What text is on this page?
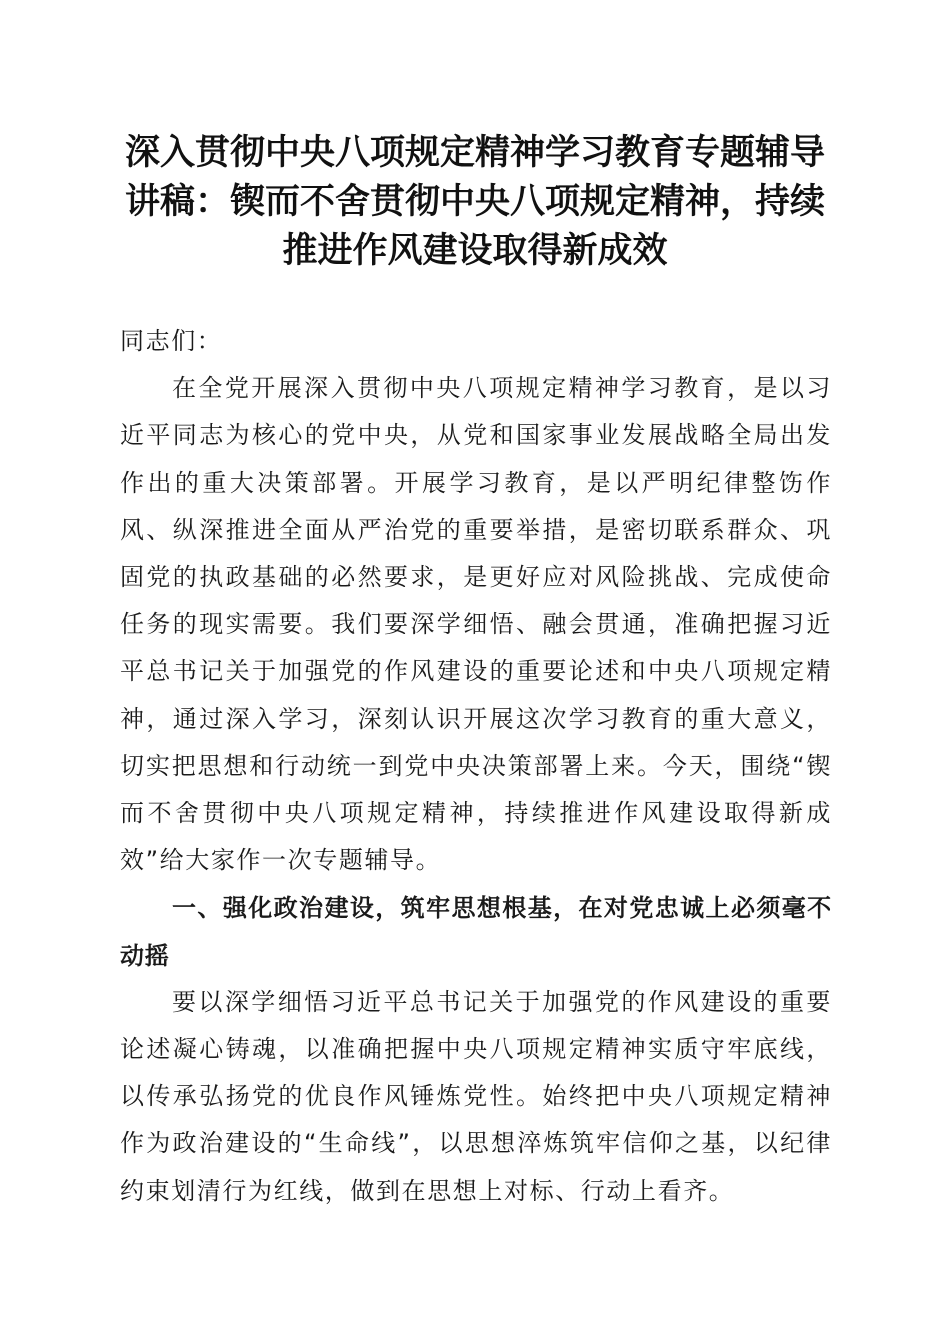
深入贯彻中央八项规定精神学习教育专题辅导
讲稿：锲而不舍贯彻中央八项规定精神，持续
推进作风建设取得新成效

同志们：

在全党开展深入贯彻中央八项规定精神学习教育，是以习近平同志为核心的党中央，从党和国家事业发展战略全局出发作出的重大决策部署。开展学习教育，是以严明纪律整饬作风、纵深推进全面从严治党的重要举措，是密切联系群众、巩固党的执政基础的必然要求，是更好应对风险挑战、完成使命任务的现实需要。我们要深学细悟、融会贯通，准确把握习近平总书记关于加强党的作风建设的重要论述和中央八项规定精神，通过深入学习，深刻认识开展这次学习教育的重大意义，切实把思想和行动统一到党中央决策部署上来。今天，围绕“锲而不舍贯彻中央八项规定精神，持续推进作风建设取得新成效”给大家作一次专题辅导。

一、强化政治建设，筑牢思想根基，在对党忠诚上必须毫不动摇

要以深学细悟习近平总书记关于加强党的作风建设的重要论述凝心铸魂，以准确把握中央八项规定精神实质守牢底线，以传承弘扬党的优良作风锤炼党性。始终把中央八项规定精神作为政治建设的“生命线”，以思想淬炼筑牢信仰之基，以纪律约束划清行为红线，做到在思想上对标、行动上看齐。
